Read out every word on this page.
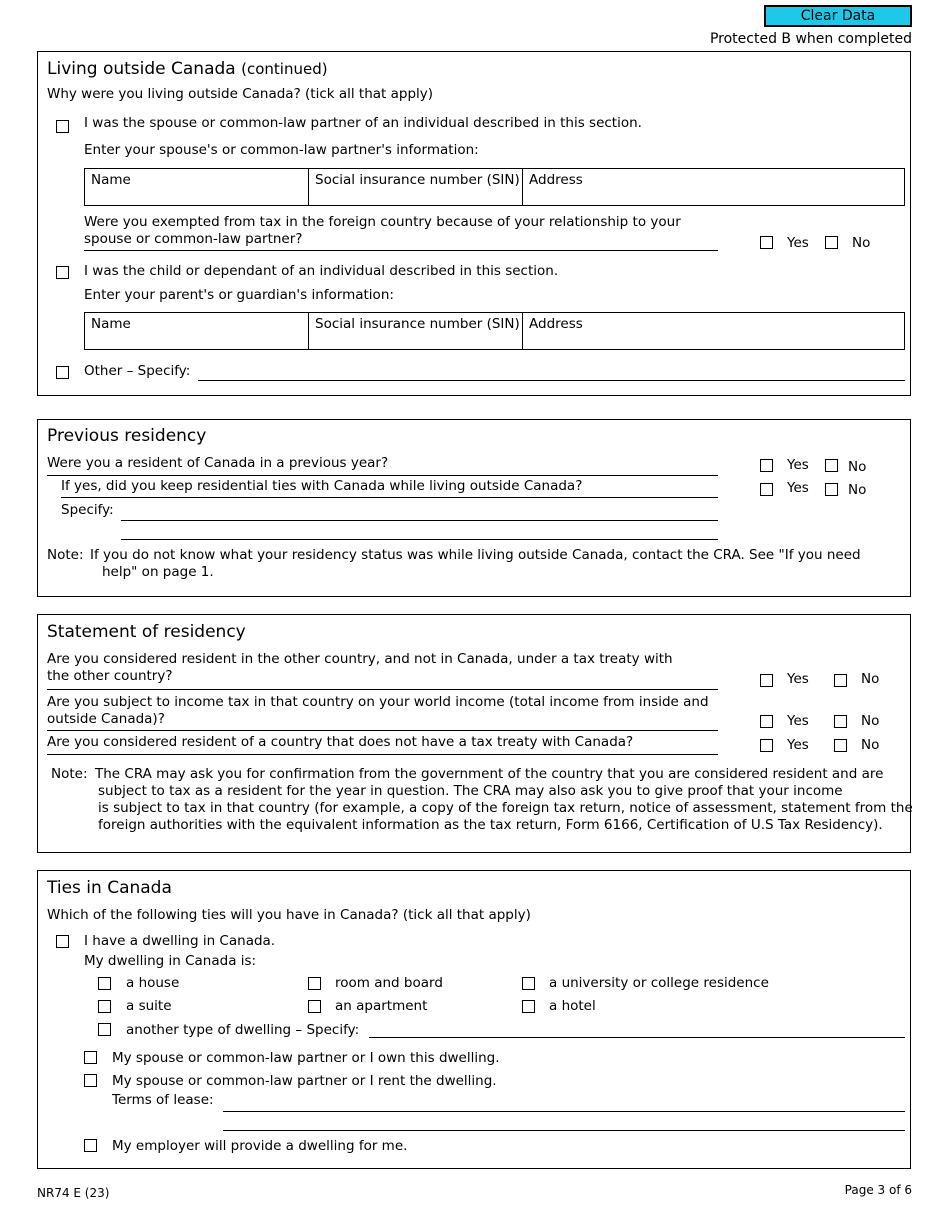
Clear Data
Protected B when completed
Living outside Canada (continued)
Why were you living outside Canada? (tick all that apply)
I was the spouse or common-law partner of an individual described in this section.
Enter your spouse's or common-law partner's information:
Name	Social insurance number (SIN) Address
Were you exempted from tax in the foreign country because of your relationship to your
spouse or common-law partner?	Yes	No
I was the child or dependant of an individual described in this section.
Enter your parent's or guardian's information:
Name	Social insurance number (SIN) Address
Other – Specify:
Previous residency
Were you a resident of Canada in a previous year?	Yes	No
If yes, did you keep residential ties with Canada while living outside Canada?	Yes	No
Specify:
Note: If you do not know what your residency status was while living outside Canada, contact the CRA. See "If you need
help" on page 1.
Statement of residency
Are you considered resident in the other country, and not in Canada, under a tax treaty with
the other country?	Yes	No
Are you subject to income tax in that country on your world income (total income from inside and
outside Canada)?	Yes	No
Are you considered resident of a country that does not have a tax treaty with Canada?	Yes	No
Note: The CRA may ask you for confirmation from the government of the country that you are considered resident and are
subject to tax as a resident for the year in question. The CRA may also ask you to give proof that your income
is subject to tax in that country (for example, a copy of the foreign tax return, notice of assessment, statement from the
foreign authorities with the equivalent information as the tax return, Form 6166, Certification of U.S Tax Residency).
Ties in Canada
Which of the following ties will you have in Canada? (tick all that apply)
I have a dwelling in Canada.
My dwelling in Canada is:
a house	room and board	a university or college residence
a suite	an apartment	a hotel
another type of dwelling – Specify:
My spouse or common-law partner or I own this dwelling.
My spouse or common-law partner or I rent the dwelling.
Terms of lease:
My employer will provide a dwelling for me.
NR74 E (23)	Page 3 of 6
